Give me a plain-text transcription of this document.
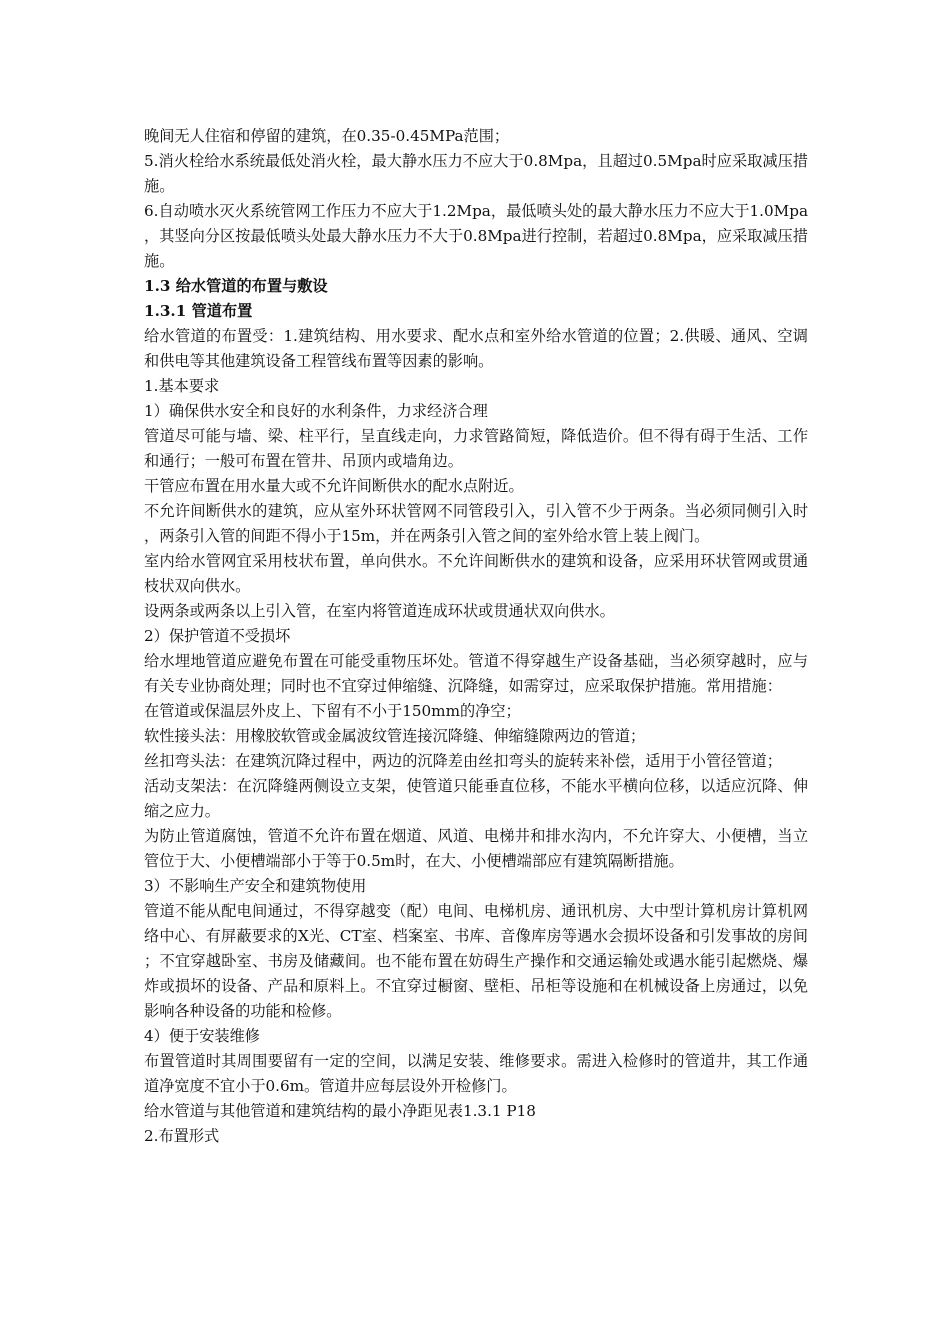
晚间无人住宿和停留的建筑，在0.35-0.45MPa范围；

5.消火栓给水系统最低处消火栓，最大静水压力不应大于0.8Mpa，且超过0.5Mpa时应采取减压措施。

6.自动喷水灭火系统管网工作压力不应大于1.2Mpa，最低喷头处的最大静水压力不应大于1.0Mpa，其竖向分区按最低喷头处最大静水压力不大于0.8Mpa进行控制，若超过0.8Mpa，应采取减压措施。

1.3 给水管道的布置与敷设

1.3.1 管道布置

给水管道的布置受：1.建筑结构、用水要求、配水点和室外给水管道的位置；2.供暖、通风、空调和供电等其他建筑设备工程管线布置等因素的影响。

1.基本要求

1）确保供水安全和良好的水利条件，力求经济合理

管道尽可能与墙、梁、柱平行，呈直线走向，力求管路简短，降低造价。但不得有碍于生活、工作和通行；一般可布置在管井、吊顶内或墙角边。

干管应布置在用水量大或不允许间断供水的配水点附近。

不允许间断供水的建筑，应从室外环状管网不同管段引入，引入管不少于两条。当必须同侧引入时，两条引入管的间距不得小于15m，并在两条引入管之间的室外给水管上装上阀门。

室内给水管网宜采用枝状布置，单向供水。不允许间断供水的建筑和设备，应采用环状管网或贯通枝状双向供水。

设两条或两条以上引入管，在室内将管道连成环状或贯通状双向供水。

2）保护管道不受损坏

给水埋地管道应避免布置在可能受重物压坏处。管道不得穿越生产设备基础，当必须穿越时，应与有关专业协商处理；同时也不宜穿过伸缩缝、沉降缝，如需穿过，应采取保护措施。常用措施：

在管道或保温层外皮上、下留有不小于150mm的净空；

软性接头法：用橡胶软管或金属波纹管连接沉降缝、伸缩缝隙两边的管道；

丝扣弯头法：在建筑沉降过程中，两边的沉降差由丝扣弯头的旋转来补偿，适用于小管径管道；

活动支架法：在沉降缝两侧设立支架，使管道只能垂直位移，不能水平横向位移，以适应沉降、伸缩之应力。

为防止管道腐蚀，管道不允许布置在烟道、风道、电梯井和排水沟内，不允许穿大、小便槽，当立管位于大、小便槽端部小于等于0.5m时，在大、小便槽端部应有建筑隔断措施。

3）不影响生产安全和建筑物使用

管道不能从配电间通过，不得穿越变（配）电间、电梯机房、通讯机房、大中型计算机房计算机网络中心、有屏蔽要求的X光、CT室、档案室、书库、音像库房等遇水会损坏设备和引发事故的房间；不宜穿越卧室、书房及储藏间。也不能布置在妨碍生产操作和交通运输处或遇水能引起燃烧、爆炸或损坏的设备、产品和原料上。不宜穿过橱窗、壁柜、吊柜等设施和在机械设备上房通过，以免影响各种设备的功能和检修。

4）便于安装维修

布置管道时其周围要留有一定的空间，以满足安装、维修要求。需进入检修时的管道井，其工作通道净宽度不宜小于0.6m。管道井应每层设外开检修门。

给水管道与其他管道和建筑结构的最小净距见表1.3.1 P18

2.布置形式
